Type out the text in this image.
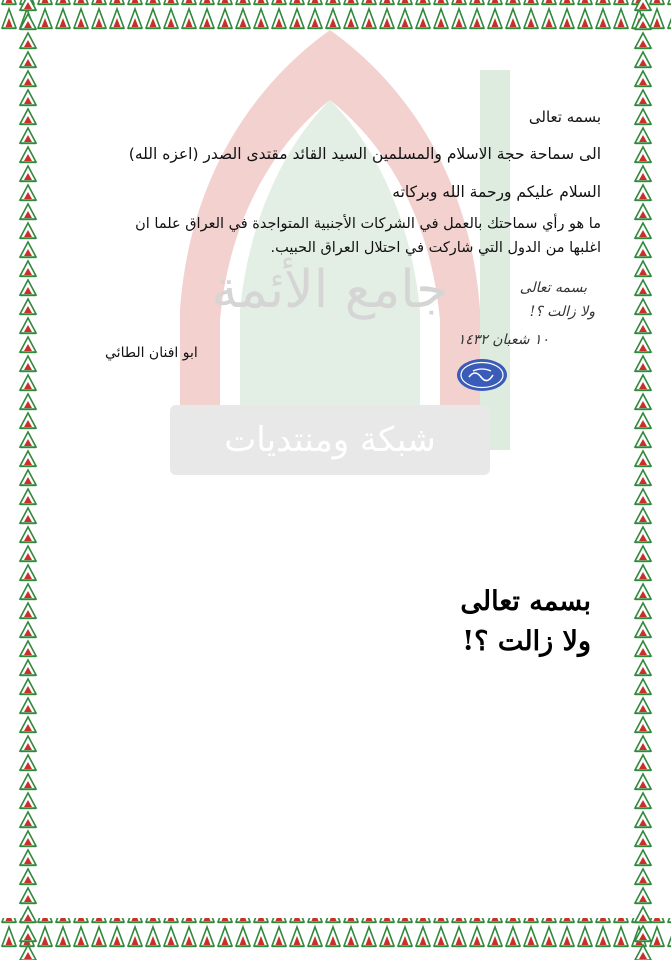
جامع الأئمة
شبكة ومنتديات
بسمه تعالى
الى سماحة حجة الاسلام والمسلمين السيد القائد مقتدى الصدر (اعزه الله)
السلام عليكم ورحمة الله وبركاته
ما هو رأي سماحتك بالعمل في الشركات الأجنبية المتواجدة في العراق علما ان
اغلبها من الدول التي شاركت في احتلال العراق الحبيب.
بسمه تعالى
ولا زالت ؟!
١٠ شعبان ١٤٣٢
ابو افنان الطائي
بسمه تعالى
ولا زالت ؟!
